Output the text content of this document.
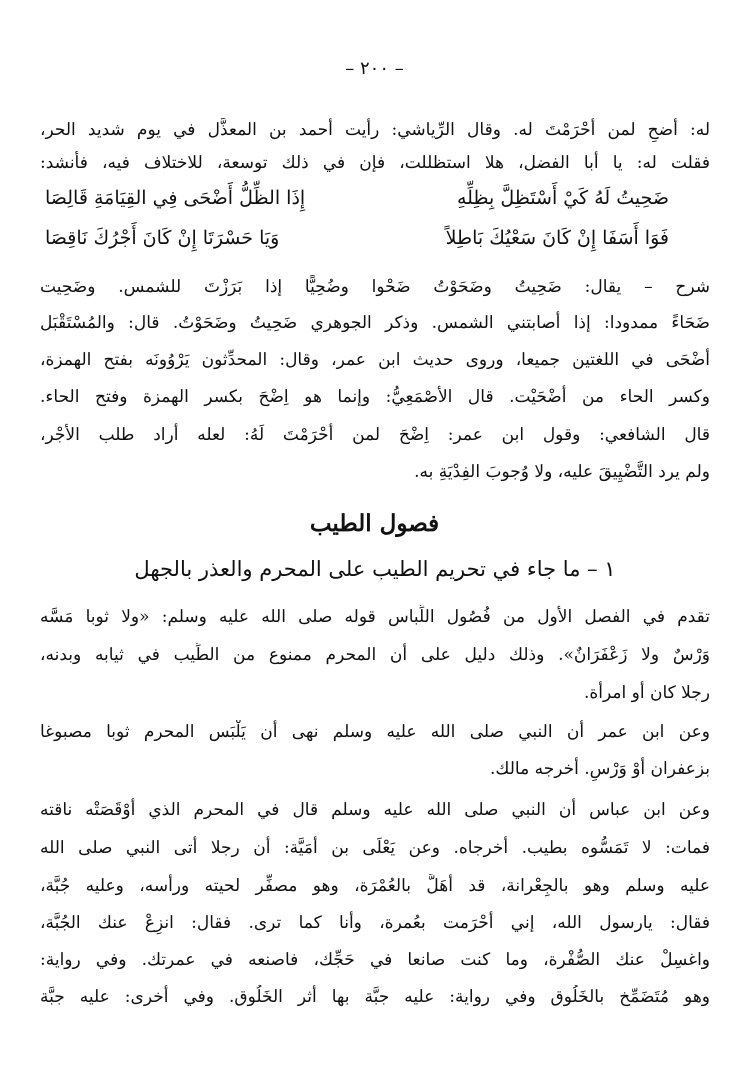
– ٢٠٠ –
له: أَضحِ لمن أَحْرَمْتَ له. وقال الرِّياشي: رأيت أحمد بن المعذَّل في يوم شديد الحر،
فقلت له: يا أبا الفضل، هلا استظللت، فإن في ذلك توسعة، للاختلاف فيه، فأنشد:
ضَحِيتُ لَهُ كَيْ أَسْتَظِلَّ بِظِلِّهِ
إِذَا الظِّلُّ أَضْحَى فِي القِيَامَةِ قَالِصَا
فَوَا أَسَفَا إِنْ كَانَ سَعْيُكَ بَاطِلاً
وَيَا حَسْرَتَا إِنْ كَانَ أَجْرُكَ نَاقِصَا
شرح – يقال: ضَحِيتُ وضَحَوْتُ ضَحْوا وضُحِيًّا إذا بَرَزْتَ للشمس. وضَحِيت
ضَحَاءً ممدودا: إذا أصابتني الشمس. وذكر الجوهري ضَحِيتُ وضَحَوْتُ. قال: والمُسْتَقْبَل
أَضْحَى في اللغتين جميعا، وروى حديث ابن عمر، وقال: المحدِّثون يَرْوُونَه بفتح الهمزة،
وكسر الحاء من أَضْحَيْت. قال الأَصْمَعِيُّ: وإنما هو اِضْحَ بكسر الهمزة وفتح الحاء.
قال الشافعي: وقول ابن عمر: اِضْحَ لمن أَحْرَمْتَ لَهُ: لعله أراد طلب الأَجْر،
ولم يرد التَّضْيِيقَ عليه، ولا وُجوبَ الفِدْيَةِ به.
فصول الطيب
١ – ما جاء في تحريم الطيب على المحرم والعذر بالجهل
تقدم في الفصل الأول من فُصُول اللِّباس قوله صلى الله عليه وسلم: «ولا ثوبا مَسَّه
وَرْسٌ ولا زَعْفَرَانٌ». وذلك دليل على أن المحرم ممنوع من الطِّيب في ثيابه وبدنه،
رجلا كان أو امرأة.
وعن ابن عمر أن النبي صلى الله عليه وسلم نهى أن يَلْبَس المحرم ثوبا مصبوغا
بزعفران أَوْ وَرْسٍ. أخرجه مالك.
وعن ابن عباس أن النبي صلى الله عليه وسلم قال في المحرم الذي أَوْقَصَتْه ناقته
فمات: لا تَمَسُّوه بطيب. أخرجاه. وعن يَعْلَى بن أُمَيَّة: أن رجلا أتى النبي صلى الله
عليه وسلم وهو بالجِعْرانة، قد أَهَلَّ بالعُمْرَة، وهو مصفِّر لحيته ورأسه، وعليه جُبَّة،
فقال: يارسول الله، إني أَحْرَمت بعُمرة، وأنا كما ترى. فقال: انزِعْ عنك الجُبَّة،
واغسِلْ عنك الصُّفْرة، وما كنت صانعا في حَجِّك، فاصنعه في عمرتك. وفي رواية:
وهو مُتَضَمِّخ بالخَلُوق وفي رواية: عليه جبَّة بها أثر الخَلُوق. وفي أُخرى: عليه جبَّة
